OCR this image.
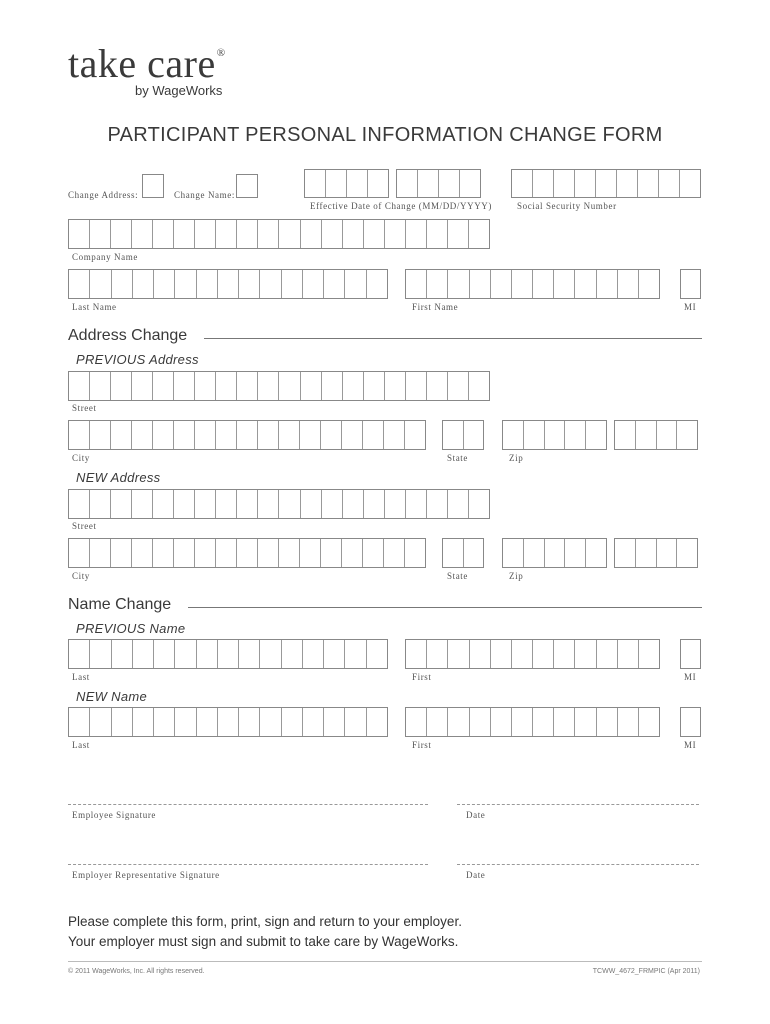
take care®
by WageWorks
PARTICIPANT PERSONAL INFORMATION CHANGE FORM
Change Address:	Change Name:
Effective Date of Change (MM/DD/YYYY)	Social Security Number
Company Name
Last Name	First Name	MI
Address Change
PREVIOUS Address
Street
City	State	Zip
NEW Address
Street
City	State	Zip
Name Change
PREVIOUS Name
Last	First	MI
NEW Name
Last	First	MI
Employee Signature	Date
Employer Representative Signature	Date
Please complete this form, print, sign and return to your employer.
Your employer must sign and submit to take care by WageWorks.
© 2011 WageWorks, Inc. All rights reserved.	TCWW_4672_FRMPIC (Apr 2011)
